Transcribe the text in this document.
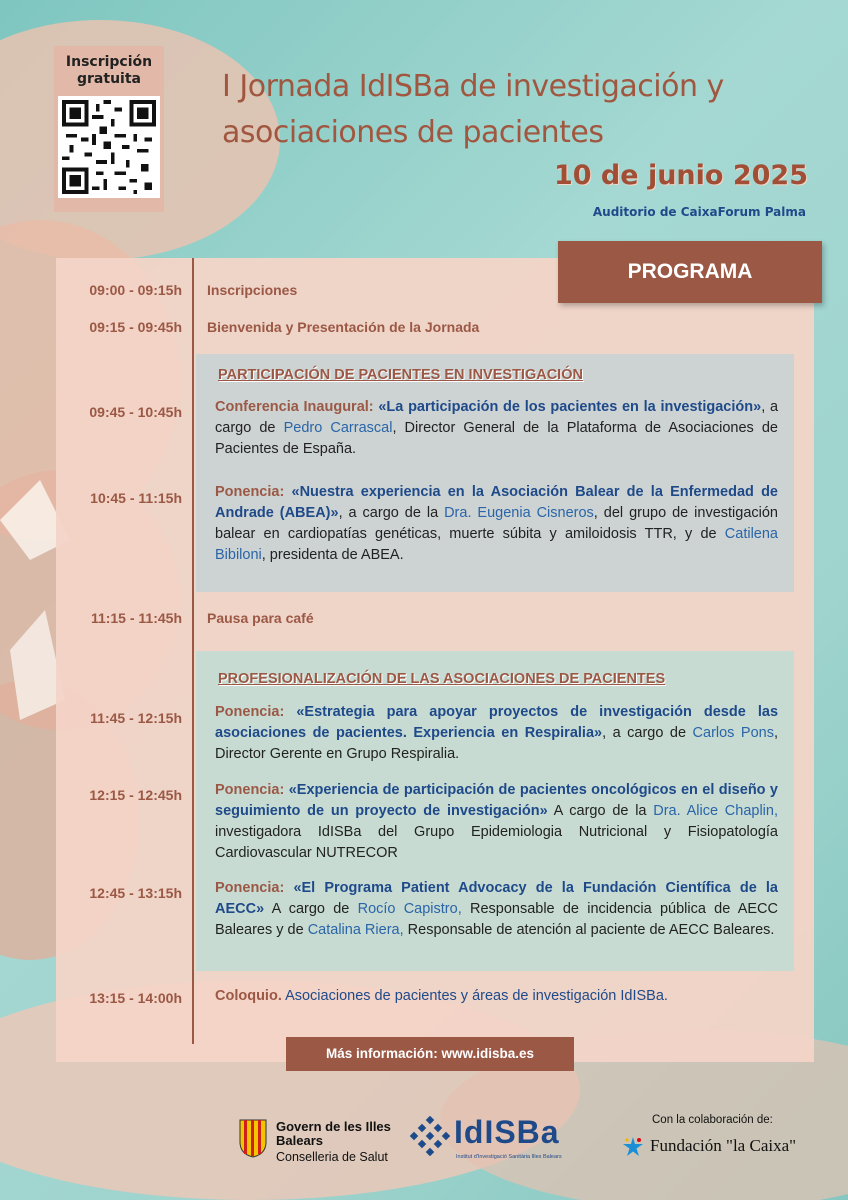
Inscripción gratuita	I Jornada IdISBa de investigación y asociaciones de pacientes
10 de junio 2025
Auditorio de CaixaForum Palma
PROGRAMA
09:00 - 09:15h Inscripciones
09:15 - 09:45h Bienvenida y Presentación de la Jornada
PARTICIPACIÓN DE PACIENTES EN INVESTIGACIÓN
09:45 - 10:45h Conferencia Inaugural: «La participación de los pacientes en la investigación», a cargo de Pedro Carrascal, Director General de la Plataforma de Asociaciones de Pacientes de España.
10:45 - 11:15h Ponencia: «Nuestra experiencia en la Asociación Balear de la Enfermedad de Andrade (ABEA)», a cargo de la Dra. Eugenia Cisneros, del grupo de investigación balear en cardiopatías genéticas, muerte súbita y amiloidosis TTR, y de Catilena Bibiloni, presidenta de ABEA.
11:15 - 11:45h Pausa para café
PROFESIONALIZACIÓN DE LAS ASOCIACIONES DE PACIENTES
11:45 - 12:15h Ponencia: «Estrategia para apoyar proyectos de investigación desde las asociaciones de pacientes. Experiencia en Respiralia», a cargo de Carlos Pons, Director Gerente en Grupo Respiralia.
12:15 - 12:45h Ponencia: «Experiencia de participación de pacientes oncológicos en el diseño y seguimiento de un proyecto de investigación» A cargo de la Dra. Alice Chaplin, investigadora IdISBa del Grupo Epidemiologia Nutricional y Fisiopatología Cardiovascular NUTRECOR
12:45 - 13:15h Ponencia: «El Programa Patient Advocacy de la Fundación Científica de la AECC» A cargo de Rocío Capistro, Responsable de incidencia pública de AECC Baleares y de Catalina Riera, Responsable de atención al paciente de AECC Baleares.
13:15 - 14:00h Coloquio. Asociaciones de pacientes y áreas de investigación IdISBa.
Más información: www.idisba.es
Govern de les Illes Balears
Conselleria de Salut
IdISBa
Institut d'Investigació Sanitària Illes Balears
Con la colaboración de:
Fundación "la Caixa"
